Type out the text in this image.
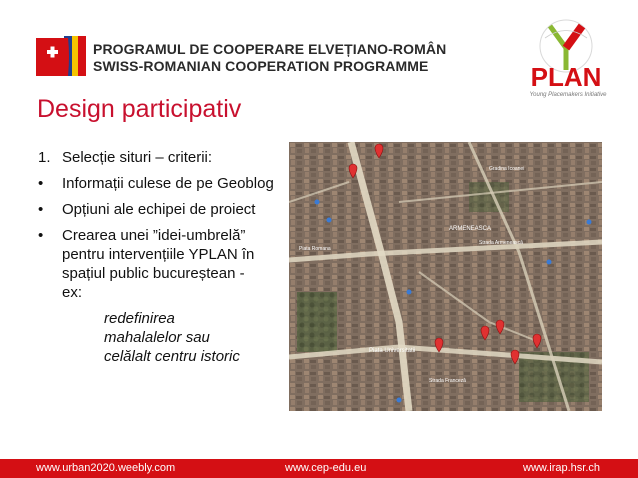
PROGRAMUL DE COOPERARE ELVEȚIANO-ROMÂN
SWISS-ROMANIAN COOPERATION PROGRAMME	PLAN
Young Placemakers Initiative
Design participativ
1. Selecție situri – criterii:
• Informații culese de pe Geoblog
• Opțiuni ale echipei de proiect
• Crearea unei ”idei-umbrelă” pentru intervențiile YPLAN în spațiul public bucureștean - ex:
redefinirea
mahalalelor sau
celălalt centru istoric
ARMENEASCA
Strada Armenească
Piata Universitatii
Strada Franceză
Piata Romana
Gradina Icoanei
www.urban2020.weebly.com	www.cep-edu.eu	www.irap.hsr.ch
